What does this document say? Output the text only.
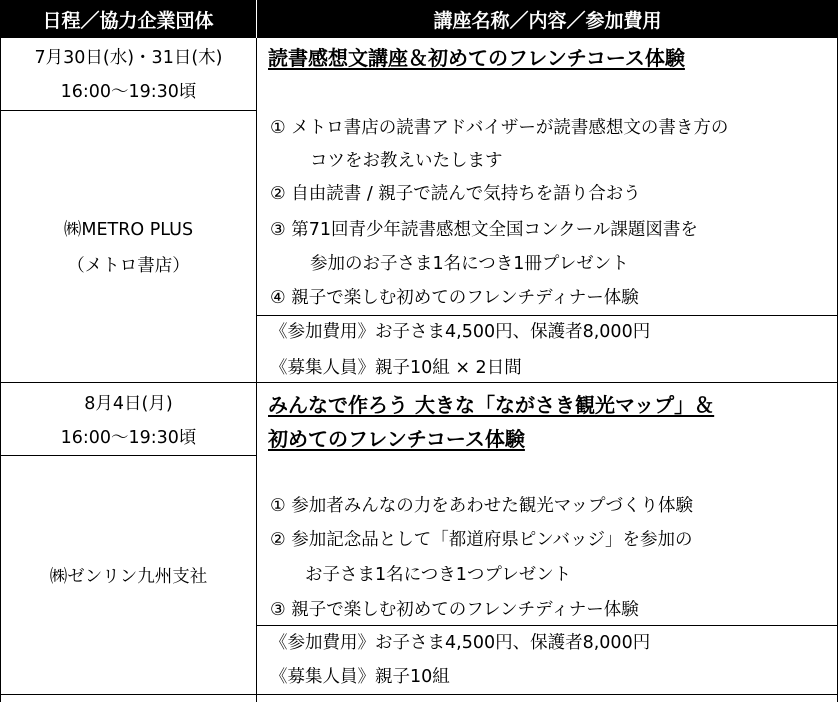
日程／協力企業団体	講座名称／内容／参加費用
7月30日(水)・31日(木)
16:00〜19:30頃
㈱METRO PLUS
（メトロ書店）
読書感想文講座＆初めてのフレンチコース体験
① メトロ書店の読書アドバイザーが読書感想文の書き方の
コツをお教えいたします
② 自由読書 / 親子で読んで気持ちを語り合おう
③ 第71回青少年読書感想文全国コンクール課題図書を
参加のお子さま1名につき1冊プレゼント
④ 親子で楽しむ初めてのフレンチディナー体験
《参加費用》お子さま4,500円、保護者8,000円
《募集人員》親子10組 × 2日間
8月4日(月)
16:00〜19:30頃
㈱ゼンリン九州支社
みんなで作ろう 大きな「ながさき観光マップ」＆
初めてのフレンチコース体験
① 参加者みんなの力をあわせた観光マップづくり体験
② 参加記念品として「都道府県ピンバッジ」を参加の
お子さま1名につき1つプレゼント
③ 親子で楽しむ初めてのフレンチディナー体験
《参加費用》お子さま4,500円、保護者8,000円
《募集人員》親子10組
